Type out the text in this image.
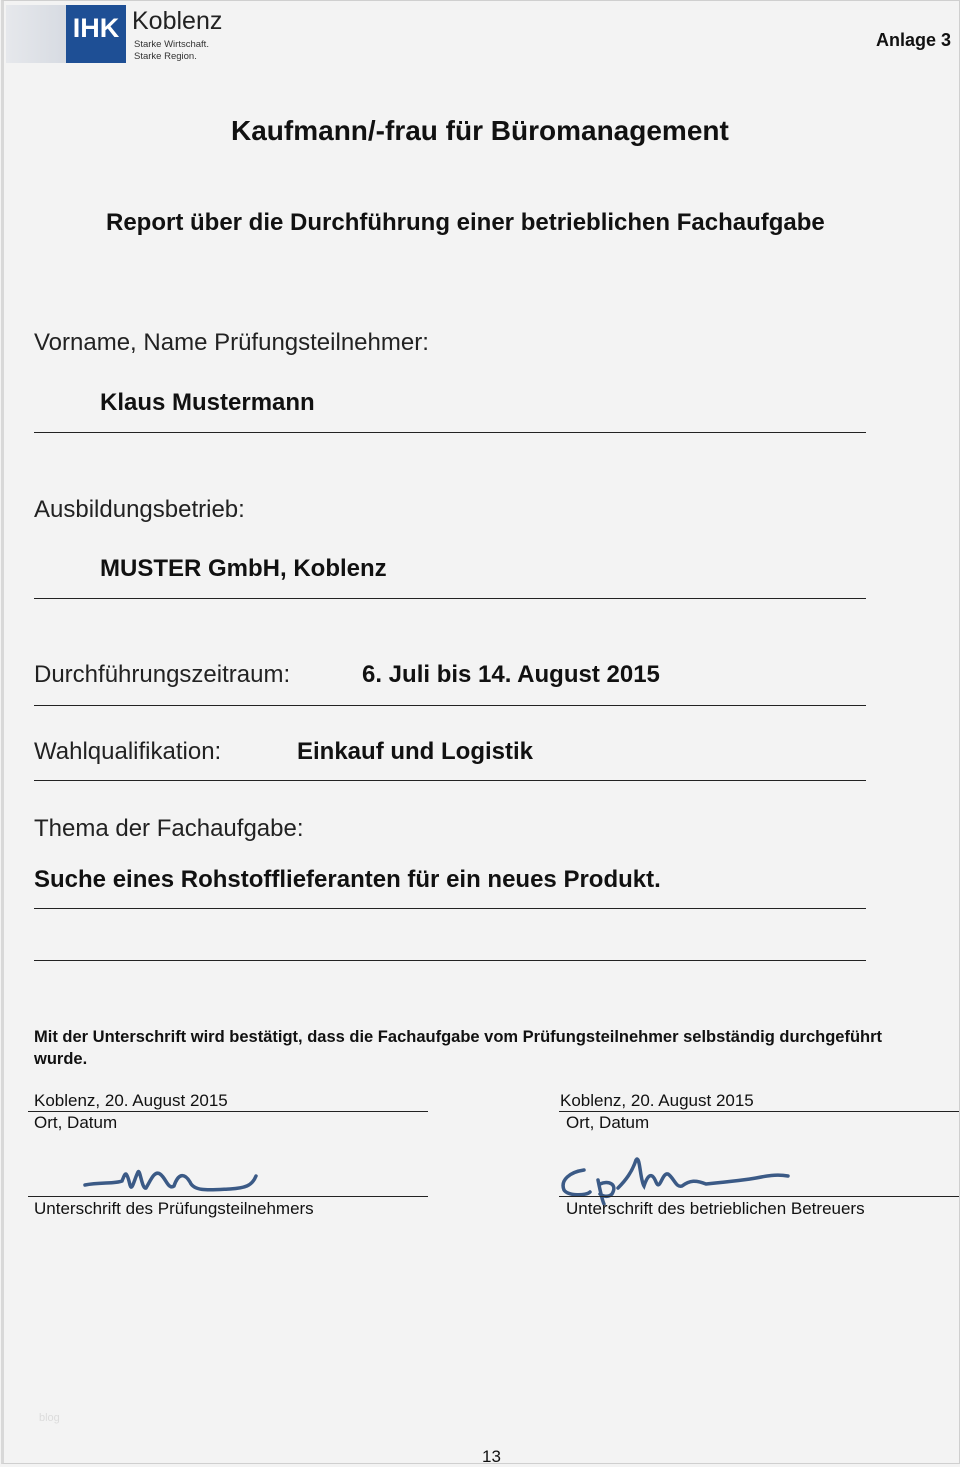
IHK Koblenz
Starke Wirtschaft.
Starke Region.
Anlage 3
Kaufmann/-frau für Büromanagement
Report über die Durchführung einer betrieblichen Fachaufgabe
Vorname, Name Prüfungsteilnehmer:
Klaus Mustermann
Ausbildungsbetrieb:
MUSTER GmbH, Koblenz
Durchführungszeitraum:	6. Juli bis 14. August 2015
Wahlqualifikation:	Einkauf und Logistik
Thema der Fachaufgabe:
Suche eines Rohstofflieferanten für ein neues Produkt.
Mit der Unterschrift wird bestätigt, dass die Fachaufgabe vom Prüfungsteilnehmer selbständig durchgeführt wurde.
Koblenz, 20. August 2015
Ort, Datum
Koblenz, 20. August 2015
Ort, Datum
Unterschrift des Prüfungsteilnehmers	Unterschrift des betrieblichen Betreuers
blog
13
